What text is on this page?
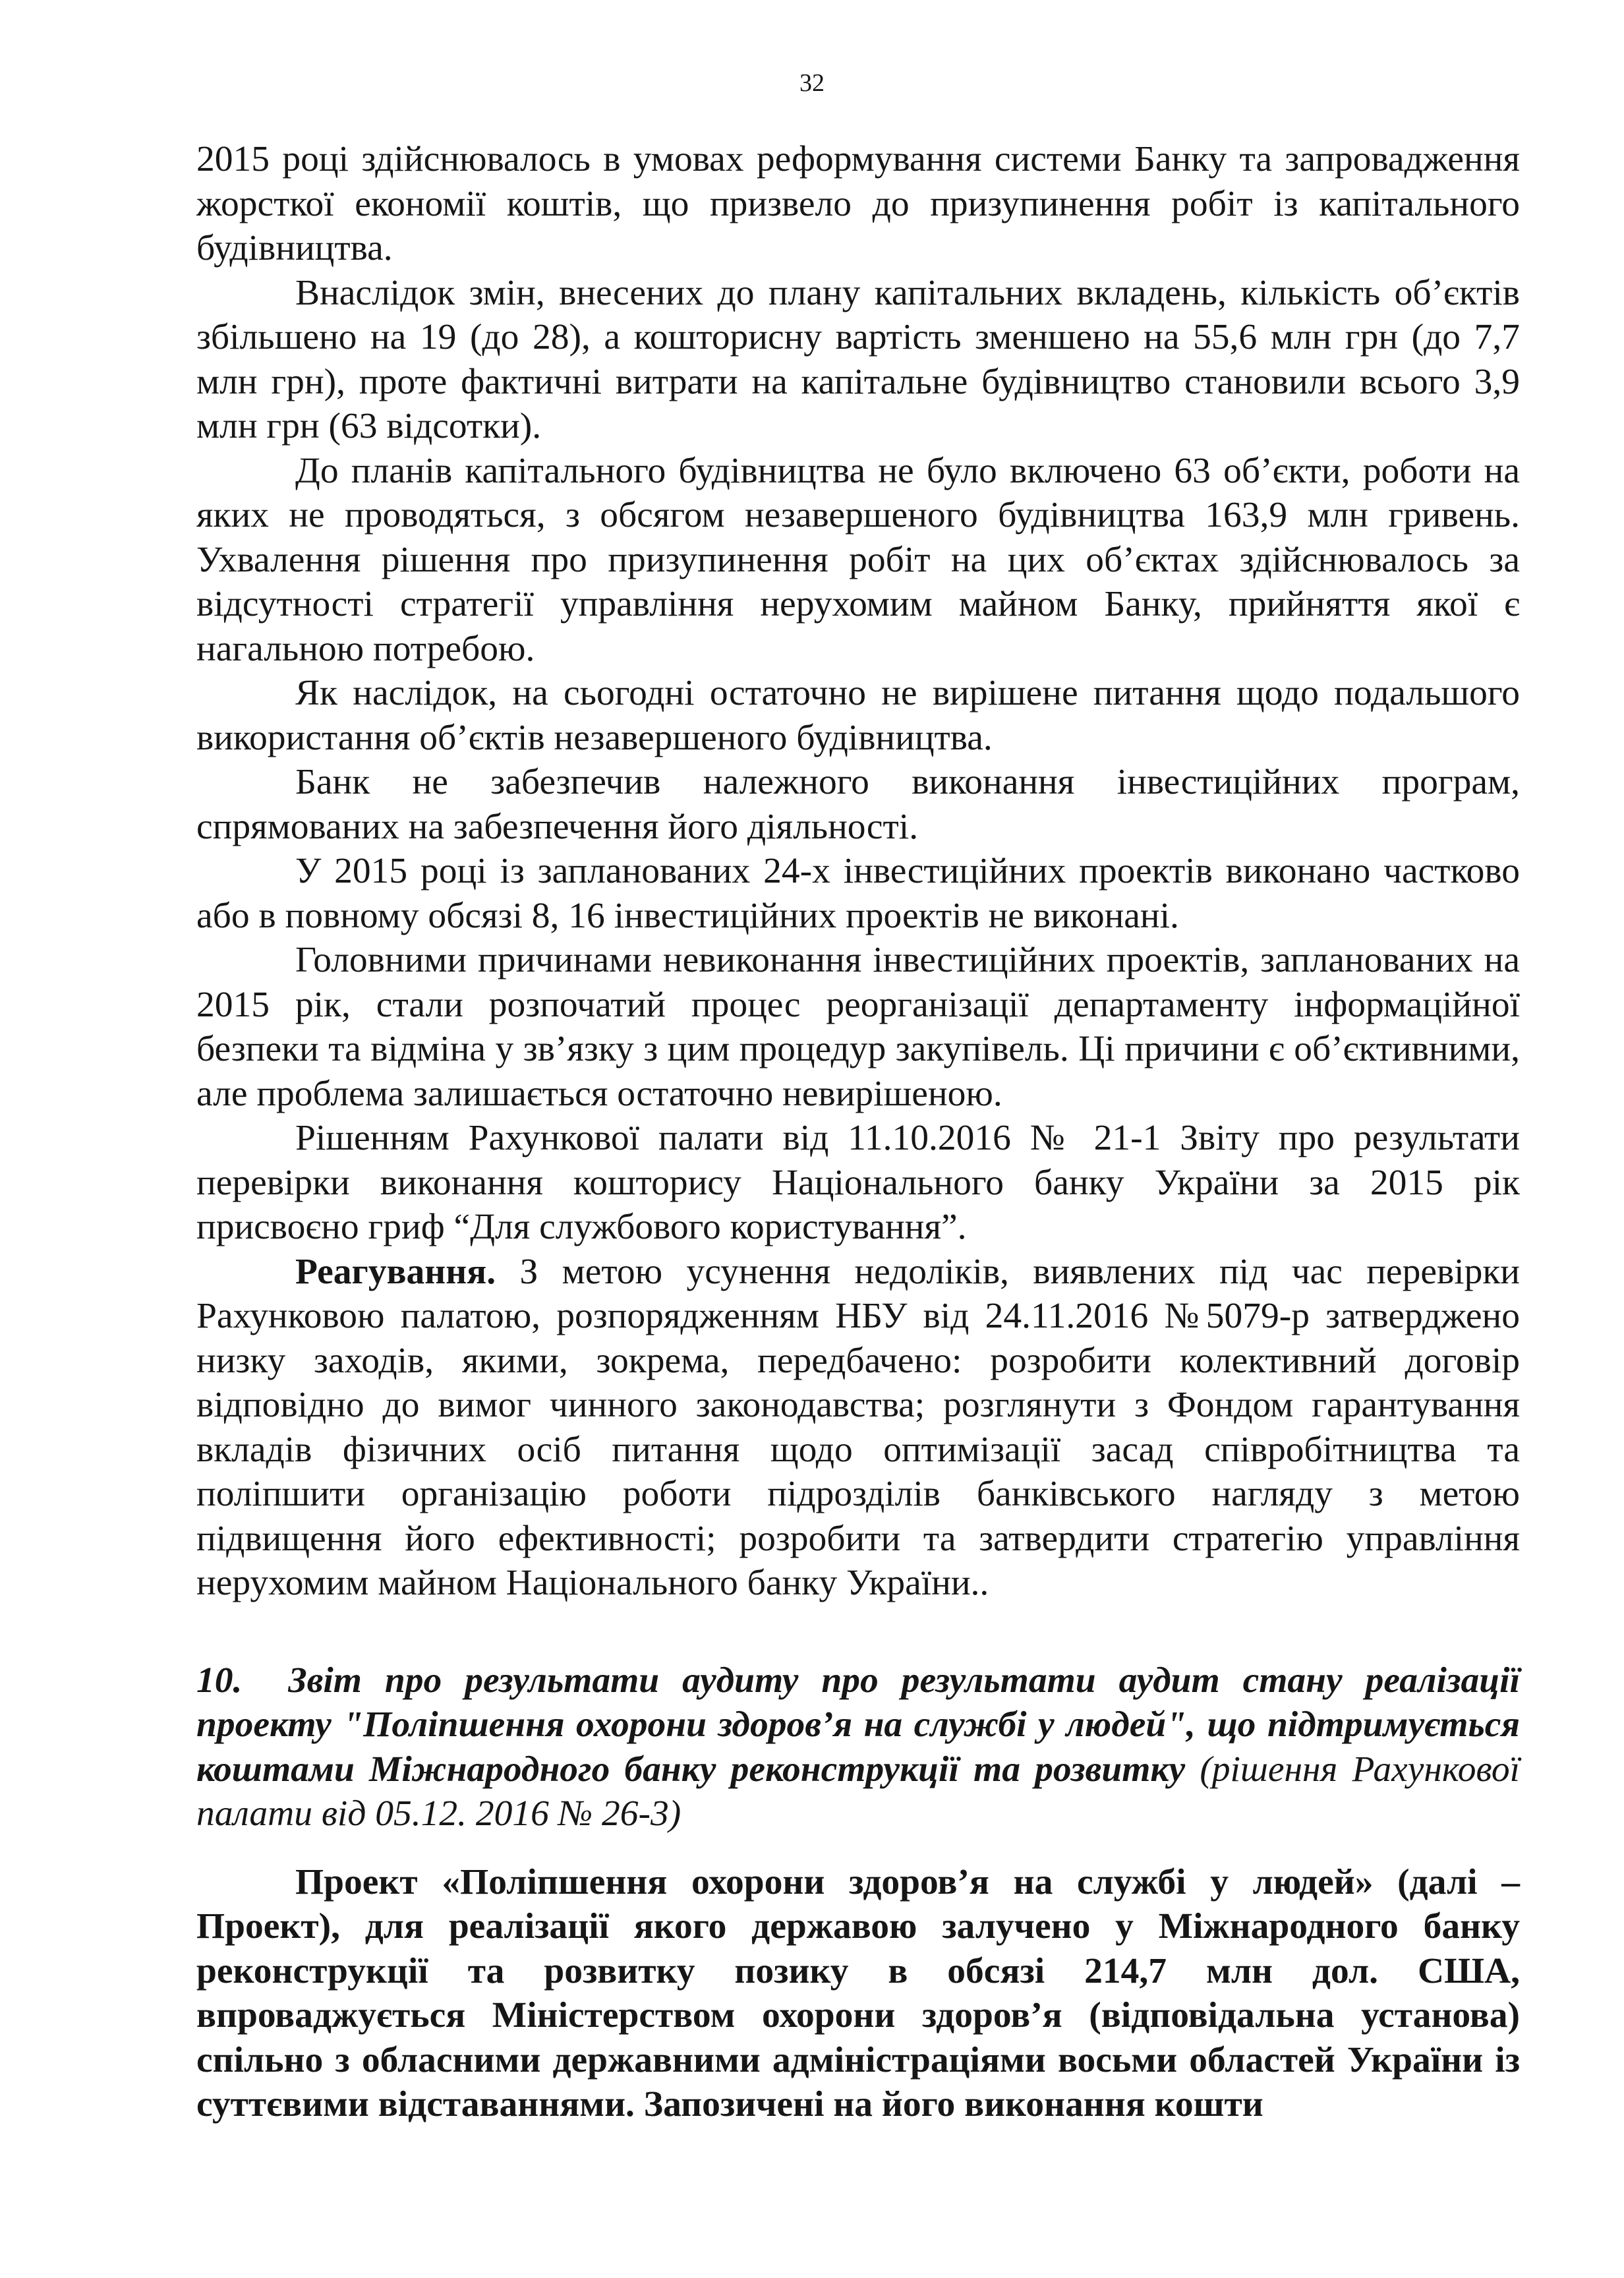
32

2015 році здійснювалось в умовах реформування системи Банку та запровадження жорсткої економії коштів, що призвело до призупинення робіт із капітального будівництва.

Внаслідок змін, внесених до плану капітальних вкладень, кількість об’єктів збільшено на 19 (до 28), а кошторисну вартість зменшено на 55,6 млн грн (до 7,7 млн грн), проте фактичні витрати на капітальне будівництво становили всього 3,9 млн грн (63 відсотки).

До планів капітального будівництва не було включено 63 об’єкти, роботи на яких не проводяться, з обсягом незавершеного будівництва 163,9 млн гривень. Ухвалення рішення про призупинення робіт на цих об’єктах здійснювалось за відсутності стратегії управління нерухомим майном Банку, прийняття якої є нагальною потребою.

Як наслідок, на сьогодні остаточно не вирішене питання щодо подальшого використання об’єктів незавершеного будівництва.

Банк не забезпечив належного виконання інвестиційних програм, спрямованих на забезпечення його діяльності.

У 2015 році із запланованих 24-х інвестиційних проектів виконано частково або в повному обсязі 8, 16 інвестиційних проектів не виконані.

Головними причинами невиконання інвестиційних проектів, запланованих на 2015 рік, стали розпочатий процес реорганізації департаменту інформаційної безпеки та відміна у зв’язку з цим процедур закупівель. Ці причини є об’єктивними, але проблема залишається остаточно невирішеною.

Рішенням Рахункової палати від 11.10.2016 № 21-1 Звіту про результати перевірки виконання кошторису Національного банку України за 2015 рік присвоєно гриф “Для службового користування”.

Реагування. З метою усунення недоліків, виявлених під час перевірки Рахунковою палатою, розпорядженням НБУ від 24.11.2016 №5079-р затверджено низку заходів, якими, зокрема, передбачено: розробити колективний договір відповідно до вимог чинного законодавства; розглянути з Фондом гарантування вкладів фізичних осіб питання щодо оптимізації засад співробітництва та поліпшити організацію роботи підрозділів банківського нагляду з метою підвищення його ефективності; розробити та затвердити стратегію управління нерухомим майном Національного банку України..

10. Звіт про результати аудиту про результати аудит стану реалізації проекту "Поліпшення охорони здоров’я на службі у людей", що підтримується коштами Міжнародного банку реконструкції та розвитку (рішення Рахункової палати від 05.12. 2016 № 26-3)

Проект «Поліпшення охорони здоров’я на службі у людей» (далі – Проект), для реалізації якого державою залучено у Міжнародного банку реконструкції та розвитку позику в обсязі 214,7 млн дол. США, впроваджується Міністерством охорони здоров’я (відповідальна установа) спільно з обласними державними адміністраціями восьми областей України із суттєвими відставаннями. Запозичені на його виконання кошти
